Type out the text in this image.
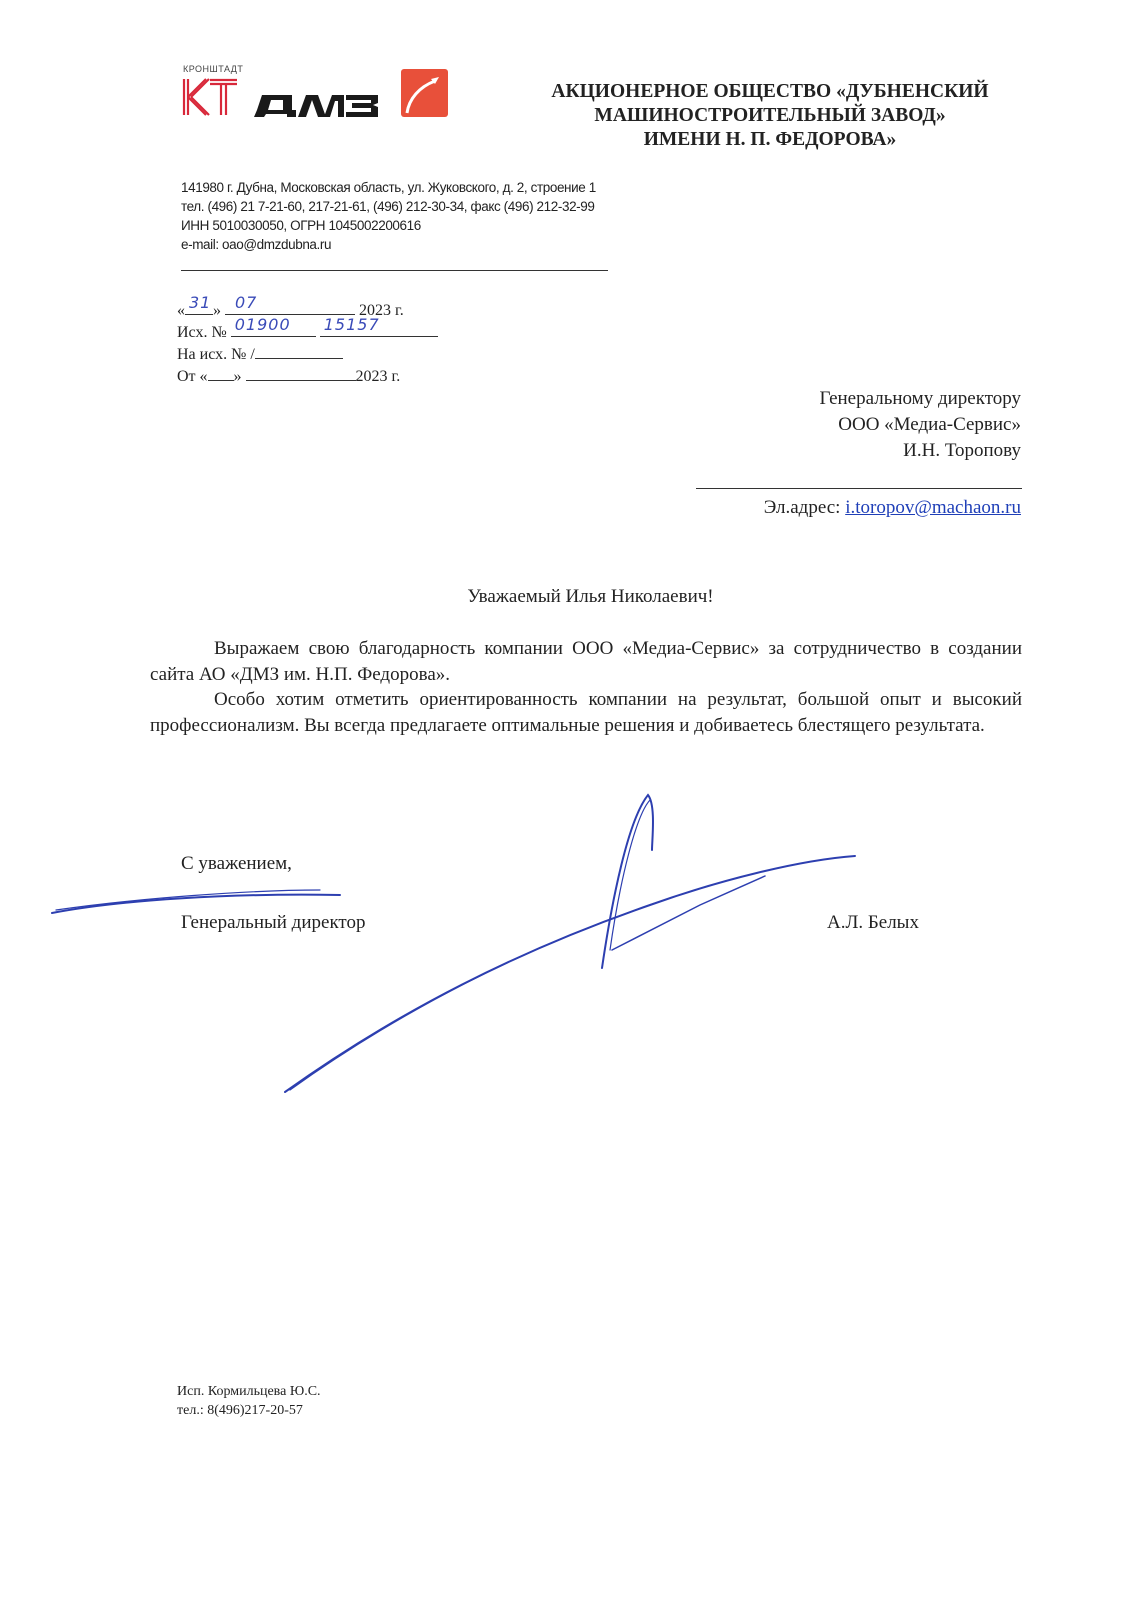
КРОНШТАДТ
АКЦИОНЕРНОЕ ОБЩЕСТВО «ДУБНЕНСКИЙ
МАШИНОСТРОИТЕЛЬНЫЙ ЗАВОД»
ИМЕНИ Н. П. ФЕДОРОВА»
141980 г. Дубна, Московская область, ул. Жуковского, д. 2, строение 1
тел. (496) 21 7-21-60, 217-21-61, (496) 212-30-34, факс (496) 212-32-99
ИНН 5010030050, ОГРН 1045002200616
e-mail: oao@dmzdubna.ru
« 31 » 07	2023 г.
Исх. № 01900
15157
На исх. № /
От « »	2023 г.
Генеральному директору
ООО «Медиа-Сервис»
И.Н. Торопову
Эл.адрес: i.toropov@machaon.ru
Уважаемый Илья Николаевич!

Выражаем свою благодарность компании ООО «Медиа-Сервис» за сотрудничество в создании сайта АО «ДМЗ им. Н.П. Федорова».

Особо хотим отметить ориентированность компании на результат, большой опыт и высокий профессионализм. Вы всегда предлагаете оптимальные решения и добиваетесь блестящего результата.

С уважением,
Генеральный директор	А.Л. Белых
Исп. Кормильцева Ю.С.
тел.: 8(496)217-20-57
